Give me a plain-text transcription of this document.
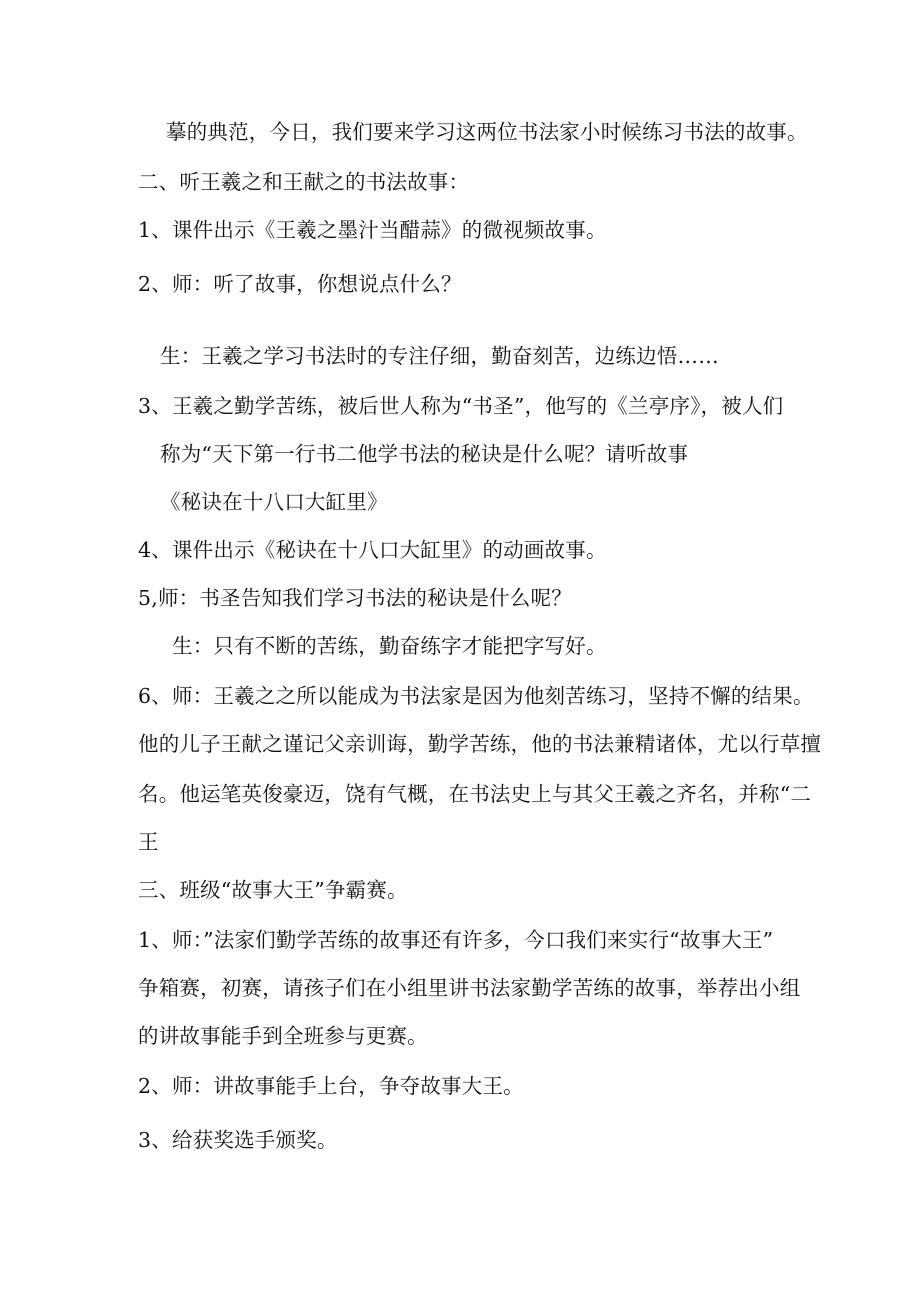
摹的典范，今日，我们要来学习这两位书法家小时候练习书法的故事。
二、听王羲之和王献之的书法故事：
1、课件出示《王羲之墨汁当醋蒜》的微视频故事。
2、师：听了故事，你想说点什么？
生：王羲之学习书法时的专注仔细，勤奋刻苦，边练边悟……
3、王羲之勤学苦练，被后世人称为“书圣”，他写的《兰亭序》，被人们
称为“天下第一行书二他学书法的秘诀是什么呢？请听故事
《秘诀在十八口大缸里》
4、课件出示《秘诀在十八口大缸里》的动画故事。
5,师：书圣告知我们学习书法的秘诀是什么呢？
生：只有不断的苦练，勤奋练字才能把字写好。
6、师：王羲之之所以能成为书法家是因为他刻苦练习，坚持不懈的结果。
他的儿子王献之谨记父亲训诲，勤学苦练，他的书法兼精诸体，尤以行草擅
名。他运笔英俊豪迈，饶有气概，在书法史上与其父王羲之齐名，并称“二
王
三、班级“故事大王”争霸赛。
1、师：”法家们勤学苦练的故事还有许多，今口我们来实行“故事大王”
争箱赛，初赛，请孩子们在小组里讲书法家勤学苦练的故事，举荐出小组
的讲故事能手到全班参与更赛。
2、师：讲故事能手上台，争夺故事大王。
3、给获奖选手颁奖。
